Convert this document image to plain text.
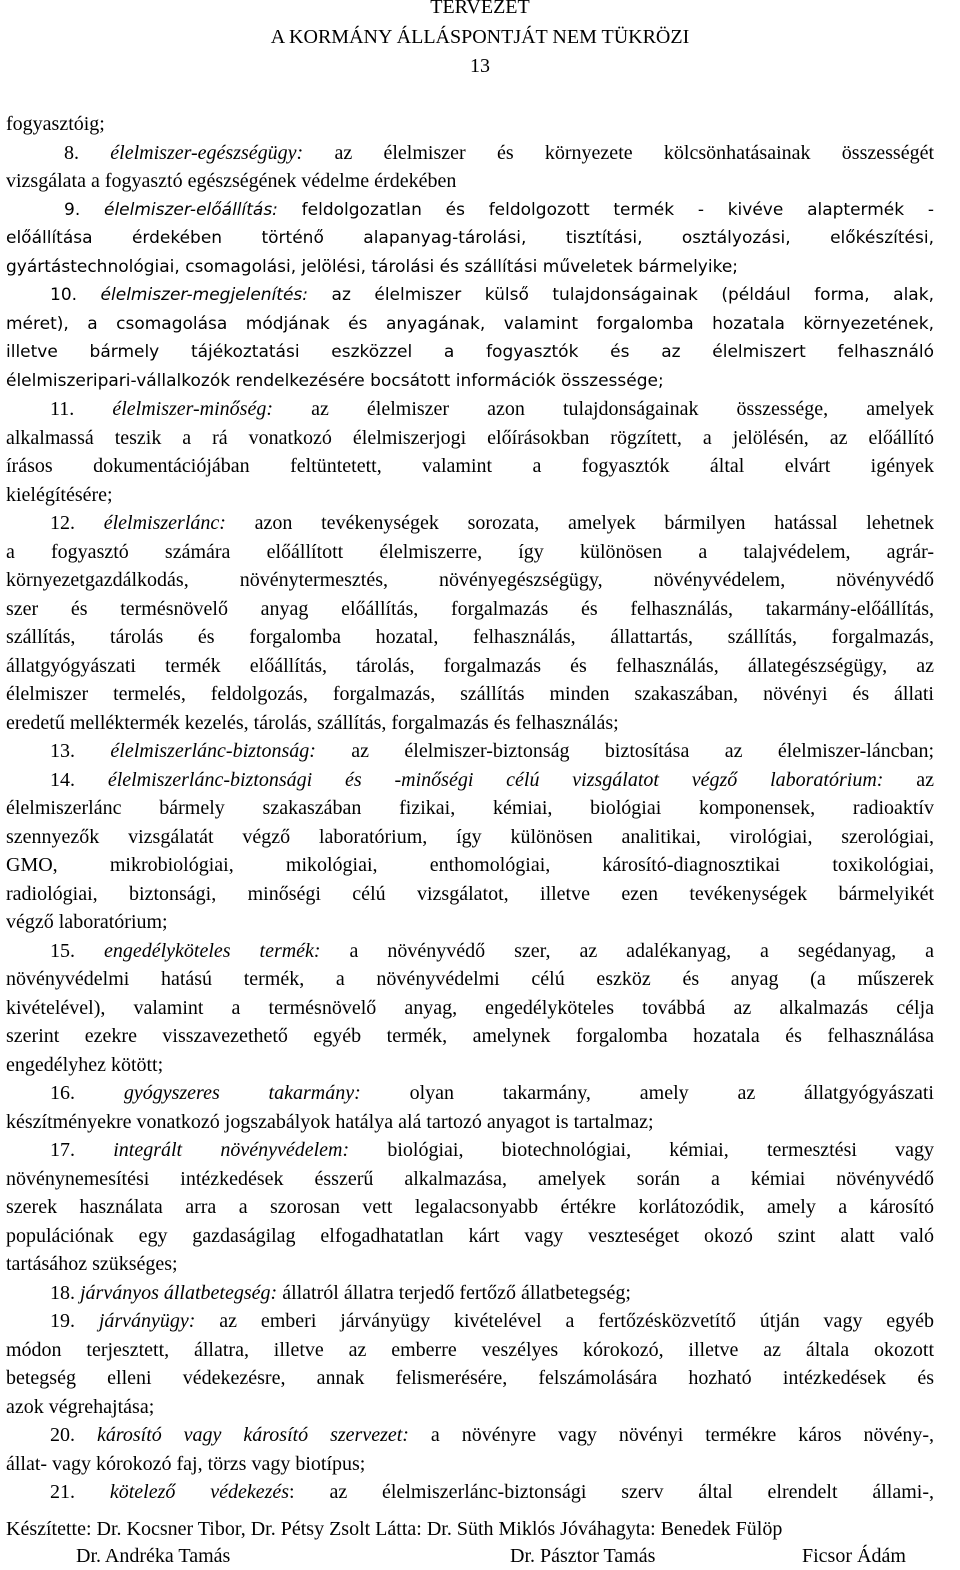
TERVEZET
A KORMÁNY ÁLLÁSPONTJÁT NEM TÜKRÖZI
13
fogyasztóig;
8. élelmiszer-egészségügy: az élelmiszer és környezete kölcsönhatásainak összességét
vizsgálata a fogyasztó egészségének védelme érdekében
9. élelmiszer-előállítás: feldolgozatlan és feldolgozott termék - kivéve alaptermék -
előállítása érdekében történő alapanyag-tárolási, tisztítási, osztályozási, előkészítési,
gyártástechnológiai, csomagolási, jelölési, tárolási és szállítási műveletek bármelyike;
10. élelmiszer-megjelenítés: az élelmiszer külső tulajdonságainak (például forma, alak,
méret), a csomagolása módjának és anyagának, valamint forgalomba hozatala környezetének,
illetve bármely tájékoztatási eszközzel a fogyasztók és az élelmiszert felhasználó
élelmiszeripari-vállalkozók rendelkezésére bocsátott információk összessége;
11. élelmiszer-minőség: az élelmiszer azon tulajdonságainak összessége, amelyek
alkalmassá teszik a rá vonatkozó élelmiszerjogi előírásokban rögzített, a jelölésén, az előállító
írásos dokumentációjában feltüntetett, valamint a fogyasztók által elvárt igények
kielégítésére;
12. élelmiszerlánc: azon tevékenységek sorozata, amelyek bármilyen hatással lehetnek
a fogyasztó számára előállított élelmiszerre, így különösen a talajvédelem, agrár-
környezetgazdálkodás, növénytermesztés, növényegészségügy, növényvédelem, növényvédő
szer és termésnövelő anyag előállítás, forgalmazás és felhasználás, takarmány-előállítás,
szállítás, tárolás és forgalomba hozatal, felhasználás, állattartás, szállítás, forgalmazás,
állatgyógyászati termék előállítás, tárolás, forgalmazás és felhasználás, állategészségügy, az
élelmiszer termelés, feldolgozás, forgalmazás, szállítás minden szakaszában, növényi és állati
eredetű melléktermék kezelés, tárolás, szállítás, forgalmazás és felhasználás;
13. élelmiszerlánc-biztonság: az élelmiszer-biztonság biztosítása az élelmiszer-láncban;
14. élelmiszerlánc-biztonsági és -minőségi célú vizsgálatot végző laboratórium: az
élelmiszerlánc bármely szakaszában fizikai, kémiai, biológiai komponensek, radioaktív
szennyezők vizsgálatát végző laboratórium, így különösen analitikai, virológiai, szerológiai,
GMO, mikrobiológiai, mikológiai, enthomológiai, károsító-diagnosztikai toxikológiai,
radiológiai, biztonsági, minőségi célú vizsgálatot, illetve ezen tevékenységek bármelyikét
végző laboratórium;
15. engedélyköteles termék: a növényvédő szer, az adalékanyag, a segédanyag, a
növényvédelmi hatású termék, a növényvédelmi célú eszköz és anyag (a műszerek
kivételével), valamint a termésnövelő anyag, engedélyköteles továbbá az alkalmazás célja
szerint ezekre visszavezethető egyéb termék, amelynek forgalomba hozatala és felhasználása
engedélyhez kötött;
16. gyógyszeres takarmány: olyan takarmány, amely az állatgyógyászati
készítményekre vonatkozó jogszabályok hatálya alá tartozó anyagot is tartalmaz;
17. integrált növényvédelem: biológiai, biotechnológiai, kémiai, termesztési vagy
növénynemesítési intézkedések ésszerű alkalmazása, amelyek során a kémiai növényvédő
szerek használata arra a szorosan vett legalacsonyabb értékre korlátozódik, amely a károsító
populációnak egy gazdaságilag elfogadhatatlan kárt vagy veszteséget okozó szint alatt való
tartásához szükséges;
18. járványos állatbetegség: állatról állatra terjedő fertőző állatbetegség;
19. járványügy: az emberi járványügy kivételével a fertőzésközvetítő útján vagy egyéb
módon terjesztett, állatra, illetve az emberre veszélyes kórokozó, illetve az általa okozott
betegség elleni védekezésre, annak felismerésére, felszámolására hozható intézkedések és
azok végrehajtása;
20. károsító vagy károsító szervezet: a növényre vagy növényi termékre káros növény-,
állat- vagy kórokozó faj, törzs vagy biotípus;
21. kötelező védekezés: az élelmiszerlánc-biztonsági szerv által elrendelt állami-,
Készítette: Dr. Kocsner Tibor, Dr. Pétsy Zsolt Látta: Dr. Süth Miklós Jóváhagyta: Benedek Fülöp
Dr. Andréka Tamás	Dr. Pásztor Tamás	Ficsor Ádám
